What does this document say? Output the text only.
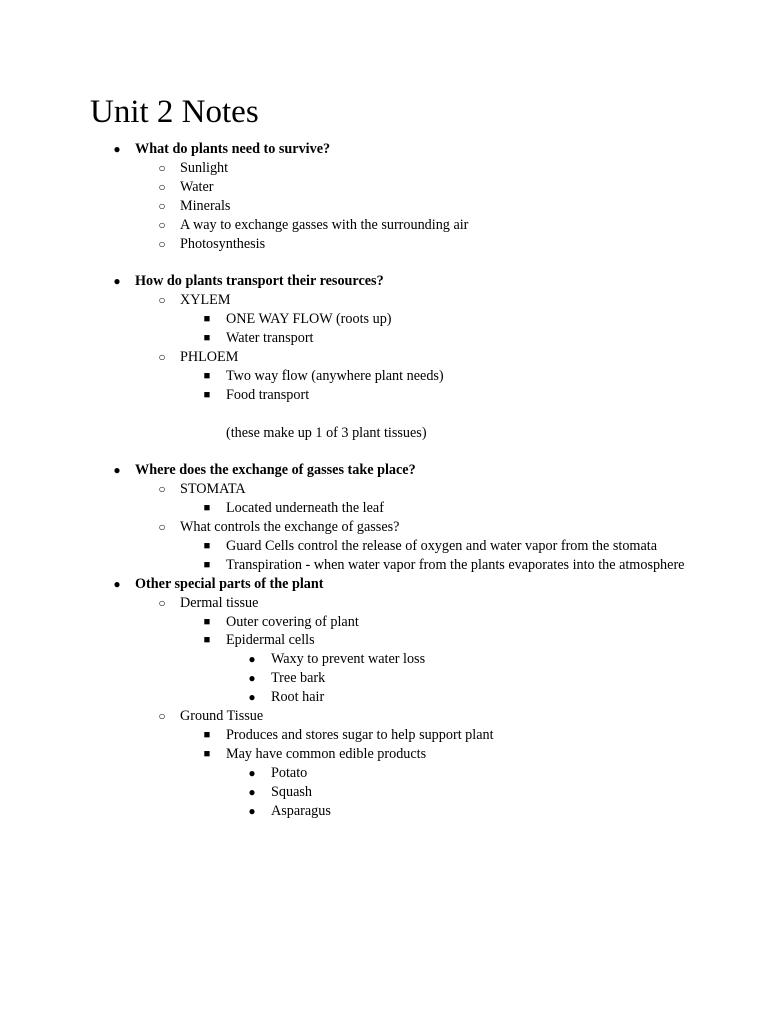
Unit 2 Notes
● What do plants need to survive?
○ Sunlight
○ Water
○ Minerals
○ A way to exchange gasses with the surrounding air
○ Photosynthesis
● How do plants transport their resources?
○ XYLEM
■ ONE WAY FLOW (roots up)
■ Water transport
○ PHLOEM
■ Two way flow (anywhere plant needs)
■ Food transport
(these make up 1 of 3 plant tissues)
● Where does the exchange of gasses take place?
○ STOMATA
■ Located underneath the leaf
○ What controls the exchange of gasses?
■ Guard Cells control the release of oxygen and water vapor from the stomata
■ Transpiration - when water vapor from the plants evaporates into the atmosphere
● Other special parts of the plant
○ Dermal tissue
■ Outer covering of plant
■ Epidermal cells
● Waxy to prevent water loss
● Tree bark
● Root hair
○ Ground Tissue
■ Produces and stores sugar to help support plant
■ May have common edible products
● Potato
● Squash
● Asparagus
